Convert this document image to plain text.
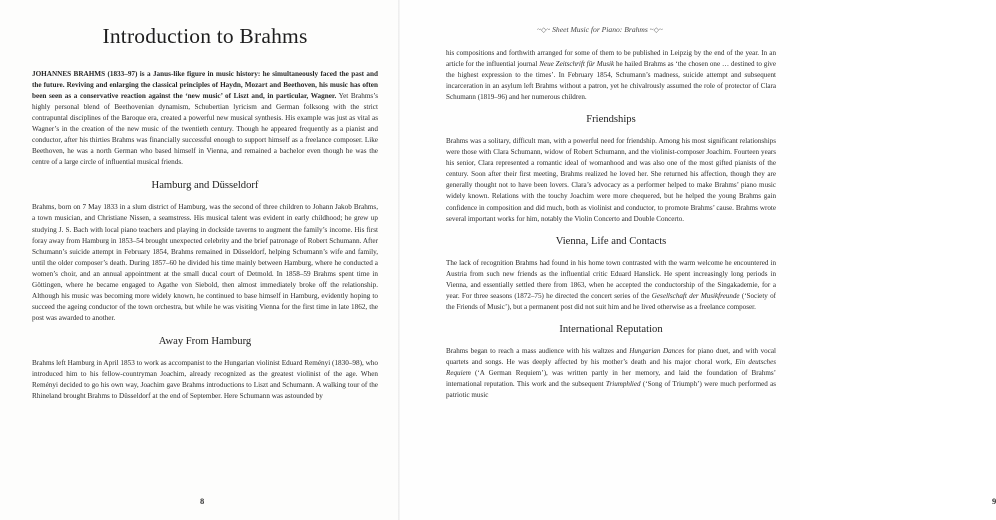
Introduction to Brahms

JOHANNES BRAHMS (1833–97) is a Janus-like figure in music history: he simultaneously faced the past and the future. Reviving and enlarging the classical principles of Haydn, Mozart and Beethoven, his music has often been seen as a conservative reaction against the ‘new music’ of Liszt and, in particular, Wagner. Yet Brahms’s highly personal blend of Beethovenian dynamism, Schubertian lyricism and German folksong with the strict contrapuntal disciplines of the Baroque era, created a powerful new musical synthesis. His example was just as vital as Wagner’s in the creation of the new music of the twentieth century. Though he appeared frequently as a pianist and conductor, after his thirties Brahms was financially successful enough to support himself as a freelance composer. Like Beethoven, he was a north German who based himself in Vienna, and remained a bachelor even though he was the centre of a large circle of influential musical friends.

Hamburg and Düsseldorf

Brahms, born on 7 May 1833 in a slum district of Hamburg, was the second of three children to Johann Jakob Brahms, a town musician, and Christiane Nissen, a seamstress. His musical talent was evident in early childhood; he grew up studying J. S. Bach with local piano teachers and playing in dockside taverns to augment the family’s income. His first foray away from Hamburg in 1853–54 brought unexpected celebrity and the brief patronage of Robert Schumann. After Schumann’s suicide attempt in February 1854, Brahms remained in Düsseldorf, helping Schumann’s wife and family, until the older composer’s death. During 1857–60 he divided his time mainly between Hamburg, where he conducted a women’s choir, and an annual appointment at the small ducal court of Detmold. In 1858–59 Brahms spent time in Göttingen, where he became engaged to Agathe von Siebold, then almost immediately broke off the relationship. Although his music was becoming more widely known, he continued to base himself in Hamburg, evidently hoping to succeed the ageing conductor of the town orchestra, but while he was visiting Vienna for the first time in late 1862, the post was awarded to another.

Away From Hamburg

Brahms left Hamburg in April 1853 to work as accompanist to the Hungarian violinist Eduard Reményi (1830–98), who introduced him to his fellow-countryman Joachim, already recognized as the greatest violinist of the age. When Reményi decided to go his own way, Joachim gave Brahms introductions to Liszt and Schumann. A walking tour of the Rhineland brought Brahms to Düsseldorf at the end of September. Here Schumann was astounded by

8	9
~◇~ Sheet Music for Piano: Brahms ~◇~

his compositions and forthwith arranged for some of them to be published in Leipzig by the end of the year. In an article for the influential journal Neue Zeitschrift für Musik he hailed Brahms as ‘the chosen one … destined to give the highest expression to the times’. In February 1854, Schumann’s madness, suicide attempt and subsequent incarceration in an asylum left Brahms without a patron, yet he chivalrously assumed the role of protector of Clara Schumann (1819–96) and her numerous children.

Friendships

Brahms was a solitary, difficult man, with a powerful need for friendship. Among his most significant relationships were those with Clara Schumann, widow of Robert Schumann, and the violinist-composer Joachim. Fourteen years his senior, Clara represented a romantic ideal of womanhood and was also one of the most gifted pianists of the century. Soon after their first meeting, Brahms realized he loved her. She returned his affection, though they are generally thought not to have been lovers. Clara’s advocacy as a performer helped to make Brahms’ piano music widely known. Relations with the touchy Joachim were more chequered, but he helped the young Brahms gain confidence in composition and did much, both as violinist and conductor, to promote Brahms’ cause. Brahms wrote several important works for him, notably the Violin Concerto and Double Concerto.

Vienna, Life and Contacts

The lack of recognition Brahms had found in his home town contrasted with the warm welcome he encountered in Austria from such new friends as the influential critic Eduard Hanslick. He spent increasingly long periods in Vienna, and essentially settled there from 1863, when he accepted the conductorship of the Singakademie, for a year. For three seasons (1872–75) he directed the concert series of the Gesellschaft der Musikfreunde (‘Society of the Friends of Music’), but a permanent post did not suit him and he lived otherwise as a freelance composer.

International Reputation

Brahms began to reach a mass audience with his waltzes and Hungarian Dances for piano duet, and with vocal quartets and songs. He was deeply affected by his mother’s death and his major choral work, Ein deutsches Requiem (‘A German Requiem’), was written partly in her memory, and laid the foundation of Brahms’ international reputation. This work and the subsequent Triumphlied (‘Song of Triumph’) were much performed as patriotic music
